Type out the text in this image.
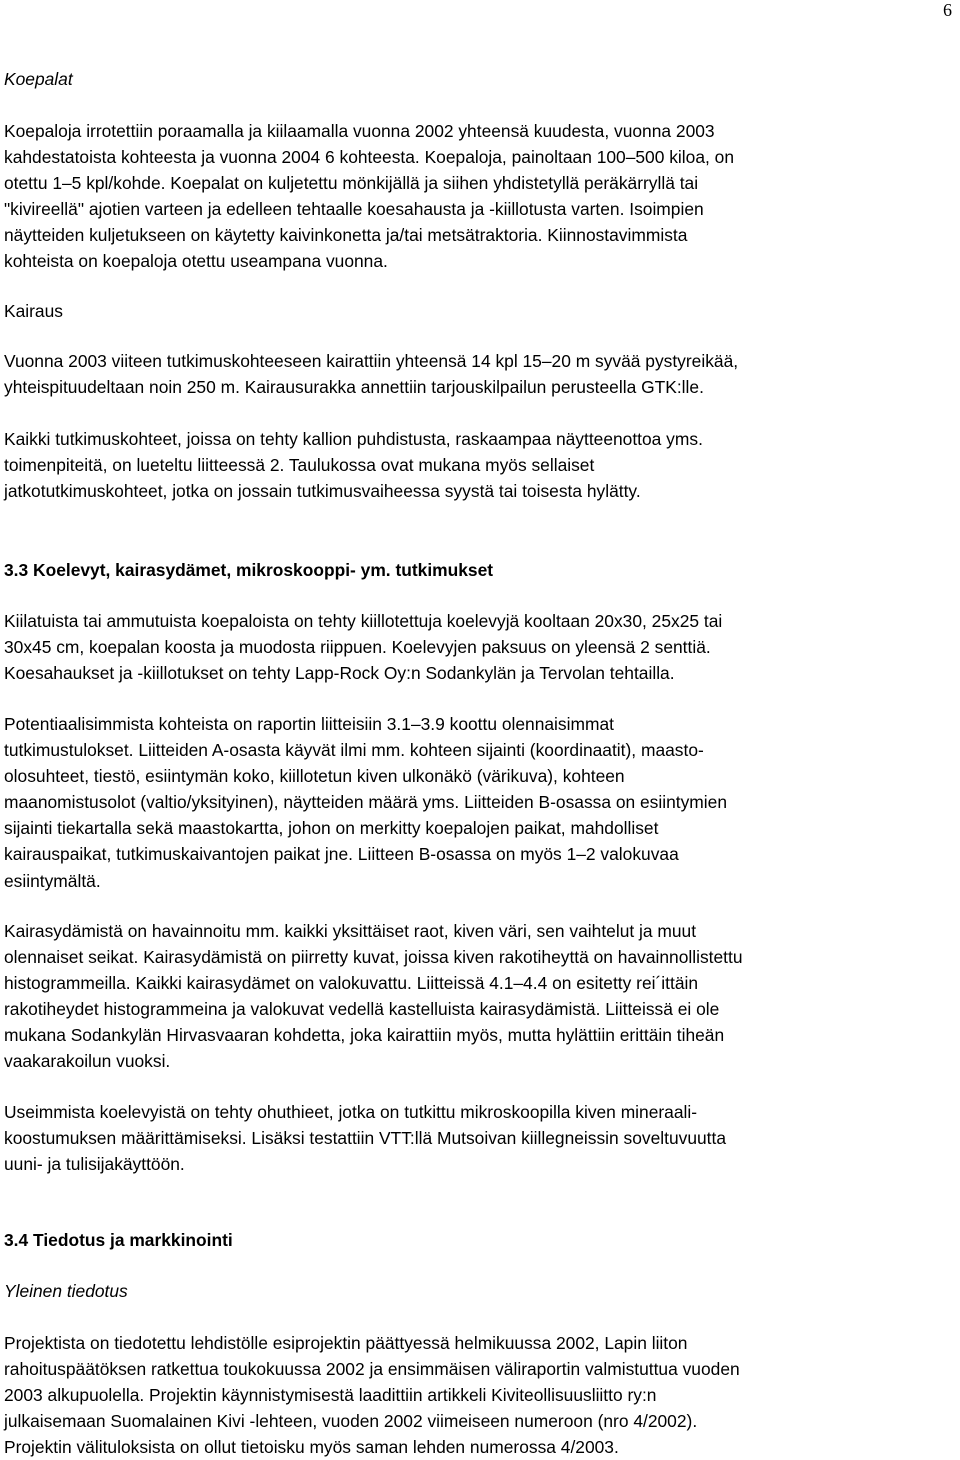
6
Koepalat
Koepaloja irrotettiin poraamalla ja kiilaamalla vuonna 2002 yhteensä kuudesta, vuonna 2003
kahdestatoista kohteesta ja vuonna 2004 6 kohteesta. Koepaloja, painoltaan 100–500 kiloa, on
otettu 1–5 kpl/kohde. Koepalat on kuljetettu mönkijällä ja siihen yhdistetyllä peräkärryllä tai
"kivireellä" ajotien varteen ja edelleen tehtaalle koesahausta ja -kiillotusta varten. Isoimpien
näytteiden kuljetukseen on käytetty kaivinkonetta ja/tai metsätraktoria. Kiinnostavimmista
kohteista on koepaloja otettu useampana vuonna.
Kairaus
Vuonna 2003 viiteen tutkimuskohteeseen kairattiin yhteensä 14 kpl 15–20 m syvää pystyreikää,
yhteispituudeltaan noin 250 m. Kairausurakka annettiin tarjouskilpailun perusteella GTK:lle.
Kaikki tutkimuskohteet, joissa on tehty kallion puhdistusta, raskaampaa näytteenottoa yms.
toimenpiteitä, on lueteltu liitteessä 2. Taulukossa ovat mukana myös sellaiset
jatkotutkimuskohteet, jotka on jossain tutkimusvaiheessa syystä tai toisesta hylätty.
3.3 Koelevyt, kairasydämet, mikroskooppi- ym. tutkimukset
Kiilatuista tai ammutuista koepaloista on tehty kiillotettuja koelevyjä kooltaan 20x30, 25x25 tai
30x45 cm, koepalan koosta ja muodosta riippuen. Koelevyjen paksuus on yleensä 2 senttiä.
Koesahaukset ja -kiillotukset on tehty Lapp-Rock Oy:n Sodankylän ja Tervolan tehtailla.
Potentiaalisimmista kohteista on raportin liitteisiin 3.1–3.9 koottu olennaisimmat
tutkimustulokset. Liitteiden A-osasta käyvät ilmi mm. kohteen sijainti (koordinaatit), maasto-
olosuhteet, tiestö, esiintymän koko, kiillotetun kiven ulkonäkö (värikuva), kohteen
maanomistusolot (valtio/yksityinen), näytteiden määrä yms. Liitteiden B-osassa on esiintymien
sijainti tiekartalla sekä maastokartta, johon on merkitty koepalojen paikat, mahdolliset
kairauspaikat, tutkimuskaivantojen paikat jne. Liitteen B-osassa on myös 1–2 valokuvaa
esiintymältä.
Kairasydämistä on havainnoitu mm. kaikki yksittäiset raot, kiven väri, sen vaihtelut ja muut
olennaiset seikat. Kairasydämistä on piirretty kuvat, joissa kiven rakotiheyttä on havainnollistettu
histogrammeilla. Kaikki kairasydämet on valokuvattu. Liitteissä 4.1–4.4 on esitetty rei´ittäin
rakotiheydet histogrammeina ja valokuvat vedellä kastelluista kairasydämistä. Liitteissä ei ole
mukana Sodankylän Hirvasvaaran kohdetta, joka kairattiin myös, mutta hylättiin erittäin tiheän
vaakarakoilun vuoksi.
Useimmista koelevyistä on tehty ohuthieet, jotka on tutkittu mikroskoopilla kiven mineraali-
koostumuksen määrittämiseksi. Lisäksi testattiin VTT:llä Mutsoivan kiillegneissin soveltuvuutta
uuni- ja tulisijakäyttöön.
3.4 Tiedotus ja markkinointi
Yleinen tiedotus
Projektista on tiedotettu lehdistölle esiprojektin päättyessä helmikuussa 2002, Lapin liiton
rahoituspäätöksen ratkettua toukokuussa 2002 ja ensimmäisen väliraportin valmistuttua vuoden
2003 alkupuolella. Projektin käynnistymisestä laadittiin artikkeli Kiviteollisuusliitto ry:n
julkaisemaan Suomalainen Kivi -lehteen, vuoden 2002 viimeiseen numeroon (nro 4/2002).
Projektin välituloksista on ollut tietoisku myös saman lehden numerossa 4/2003.
